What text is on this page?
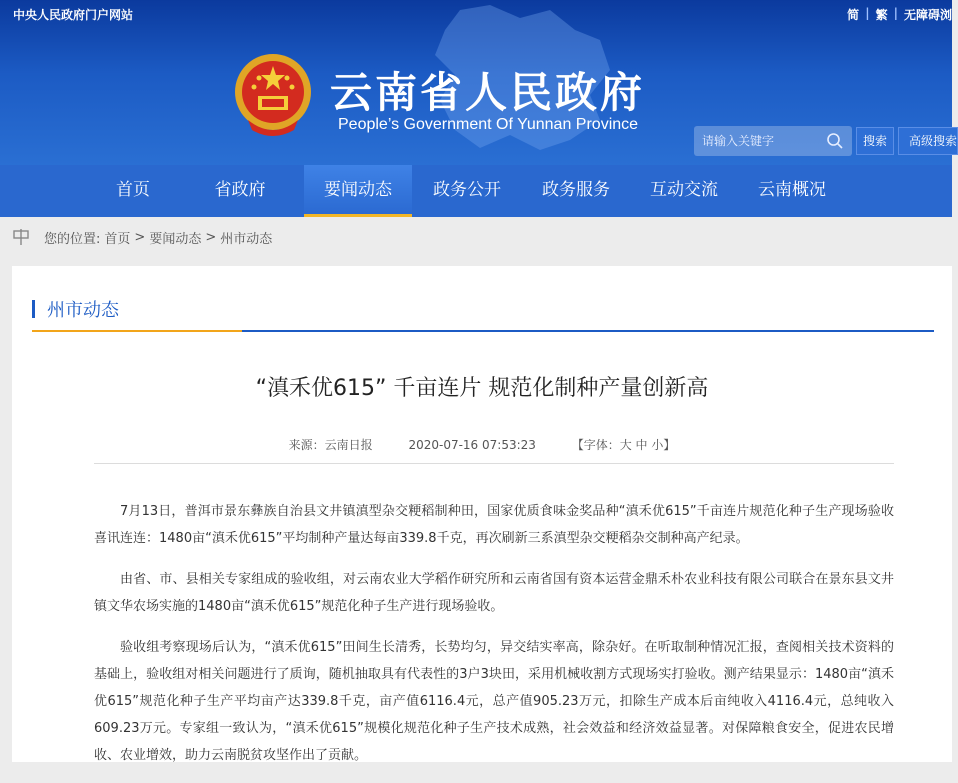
中央人民政府门户网站	简 | 繁 | 无障碍浏
云南省人民政府
People’s Government Of Yunnan Province
请输入关键字
搜索	高级搜索
首页	省政府	要闻动态	政务公开	政务服务	互动交流	云南概况
您的位置: 首页 > 要闻动态 > 州市动态
州市动态
“滇禾优615” 千亩连片 规范化制种产量创新高
来源：云南日报	2020-07-16 07:53:23	【字体：大 中 小】

7月13日，普洱市景东彝族自治县文井镇滇型杂交粳稻制种田，国家优质食味金奖品种“滇禾优615”千亩连片规范化种子生产现场验收喜讯连连：1480亩“滇禾优615”平均制种产量达每亩339.8千克，再次刷新三系滇型杂交粳稻杂交制种高产纪录。

由省、市、县相关专家组成的验收组，对云南农业大学稻作研究所和云南省国有资本运营金鼎禾朴农业科技有限公司联合在景东县文井镇文华农场实施的1480亩“滇禾优615”规范化种子生产进行现场验收。

验收组考察现场后认为，“滇禾优615”田间生长清秀，长势均匀，异交结实率高，除杂好。在听取制种情况汇报，查阅相关技术资料的基础上，验收组对相关问题进行了质询，随机抽取具有代表性的3户3块田，采用机械收割方式现场实打验收。测产结果显示：1480亩“滇禾优615”规范化种子生产平均亩产达339.8千克，亩产值6116.4元，总产值905.23万元，扣除生产成本后亩纯收入4116.4元，总纯收入609.23万元。专家组一致认为，“滇禾优615”规模化规范化种子生产技术成熟，社会效益和经济效益显著。对保障粮食安全，促进农民增收、农业增效，助力云南脱贫攻坚作出了贡献。
